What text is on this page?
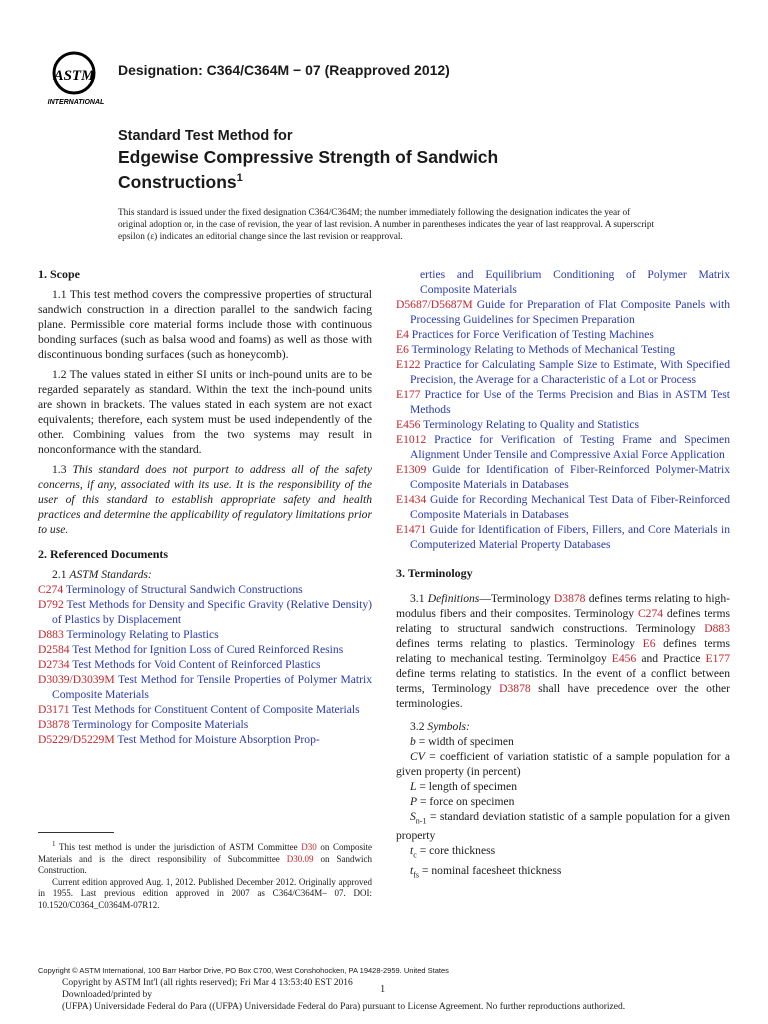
ASTM
INTERNATIONAL
Designation: C364/C364M − 07 (Reapproved 2012)
Standard Test Method for
Edgewise Compressive Strength of Sandwich
Constructions$^1$
This standard is issued under the fixed designation C364/C364M; the number immediately following the designation indicates the year of original adoption or, in the case of revision, the year of last revision. A number in parentheses indicates the year of last reapproval. A superscript epsilon (ε) indicates an editorial change since the last revision or reapproval.
1. Scope

1.1 This test method covers the compressive properties of structural sandwich construction in a direction parallel to the sandwich facing plane. Permissible core material forms include those with continuous bonding surfaces (such as balsa wood and foams) as well as those with discontinuous bonding surfaces (such as honeycomb).

1.2 The values stated in either SI units or inch-pound units are to be regarded separately as standard. Within the text the inch-pound units are shown in brackets. The values stated in each system are not exact equivalents; therefore, each system must be used independently of the other. Combining values from the two systems may result in nonconformance with the standard.

1.3 This standard does not purport to address all of the safety concerns, if any, associated with its use. It is the responsibility of the user of this standard to establish appropriate safety and health practices and determine the applicability of regulatory limitations prior to use.

2. Referenced Documents

2.1 ASTM Standards:

C274 Terminology of Structural Sandwich Constructions

D792 Test Methods for Density and Specific Gravity (Relative Density) of Plastics by Displacement

D883 Terminology Relating to Plastics

D2584 Test Method for Ignition Loss of Cured Reinforced Resins

D2734 Test Methods for Void Content of Reinforced Plastics

D3039/D3039M Test Method for Tensile Properties of Polymer Matrix Composite Materials

D3171 Test Methods for Constituent Content of Composite Materials

D3878 Terminology for Composite Materials

D5229/D5229M Test Method for Moisture Absorption Prop-

erties and Equilibrium Conditioning of Polymer Matrix Composite Materials

D5687/D5687M Guide for Preparation of Flat Composite Panels with Processing Guidelines for Specimen Preparation

E4 Practices for Force Verification of Testing Machines

E6 Terminology Relating to Methods of Mechanical Testing

E122 Practice for Calculating Sample Size to Estimate, With Specified Precision, the Average for a Characteristic of a Lot or Process

E177 Practice for Use of the Terms Precision and Bias in ASTM Test Methods

E456 Terminology Relating to Quality and Statistics

E1012 Practice for Verification of Testing Frame and Specimen Alignment Under Tensile and Compressive Axial Force Application

E1309 Guide for Identification of Fiber-Reinforced Polymer-Matrix Composite Materials in Databases

E1434 Guide for Recording Mechanical Test Data of Fiber-Reinforced Composite Materials in Databases

E1471 Guide for Identification of Fibers, Fillers, and Core Materials in Computerized Material Property Databases

3. Terminology

3.1 Definitions—Terminology D3878 defines terms relating to high-modulus fibers and their composites. Terminology C274 defines terms relating to structural sandwich constructions. Terminology D883 defines terms relating to plastics. Terminology E6 defines terms relating to mechanical testing. Terminolgoy E456 and Practice E177 define terms relating to statistics. In the event of a conflict between terms, Terminology D3878 shall have precedence over the other terminologies.

3.2 Symbols:

b = width of specimen

CV = coefficient of variation statistic of a sample population for a given property (in percent)

L = length of specimen

P = force on specimen

$S_{n-1}$ = standard deviation statistic of a sample population for a given property

$t_c$ = core thickness

$t_{fs}$ = nominal facesheet thickness

$^1$ This test method is under the jurisdiction of ASTM Committee D30 on Composite Materials and is the direct responsibility of Subcommittee D30.09 on Sandwich Construction.

Current edition approved Aug. 1, 2012. Published December 2012. Originally approved in 1955. Last previous edition approved in 2007 as C364/C364M– 07. DOI: 10.1520/C0364_C0364M-07R12.

Copyright © ASTM International, 100 Barr Harbor Drive, PO Box C700, West Conshohocken, PA 19428-2959. United States
Copyright by ASTM Int'l (all rights reserved); Fri Mar 4 13:53:40 EST 2016
Downloaded/printed by
(UFPA) Universidade Federal do Para ((UFPA) Universidade Federal do Para) pursuant to License Agreement. No further reproductions authorized.
1
